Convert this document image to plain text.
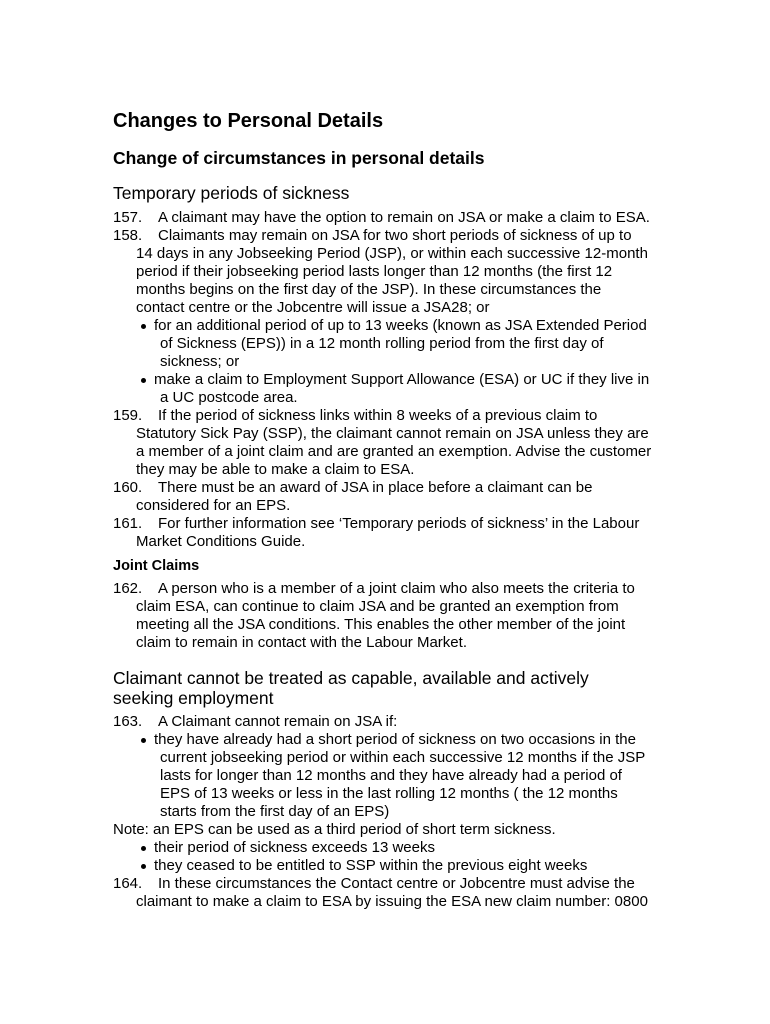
Changes to Personal Details
Change of circumstances in personal details
Temporary periods of sickness
157. A claimant may have the option to remain on JSA or make a claim to ESA.
158. Claimants may remain on JSA for two short periods of sickness of up to
14 days in any Jobseeking Period (JSP), or within each successive 12-month
period if their jobseeking period lasts longer than 12 months (the first 12
months begins on the first day of the JSP). In these circumstances the
contact centre or the Jobcentre will issue a JSA28; or
for an additional period of up to 13 weeks (known as JSA Extended Period
of Sickness (EPS)) in a 12 month rolling period from the first day of
sickness; or
make a claim to Employment Support Allowance (ESA) or UC if they live in
a UC postcode area.
159. If the period of sickness links within 8 weeks of a previous claim to
Statutory Sick Pay (SSP), the claimant cannot remain on JSA unless they are
a member of a joint claim and are granted an exemption. Advise the customer
they may be able to make a claim to ESA.
160. There must be an award of JSA in place before a claimant can be
considered for an EPS.
161. For further information see ‘Temporary periods of sickness’ in the Labour
Market Conditions Guide.
Joint Claims
162. A person who is a member of a joint claim who also meets the criteria to
claim ESA, can continue to claim JSA and be granted an exemption from
meeting all the JSA conditions. This enables the other member of the joint
claim to remain in contact with the Labour Market.
Claimant cannot be treated as capable, available and actively
seeking employment
163. A Claimant cannot remain on JSA if:
they have already had a short period of sickness on two occasions in the
current jobseeking period or within each successive 12 months if the JSP
lasts for longer than 12 months and they have already had a period of
EPS of 13 weeks or less in the last rolling 12 months ( the 12 months
starts from the first day of an EPS)
Note: an EPS can be used as a third period of short term sickness.
their period of sickness exceeds 13 weeks
they ceased to be entitled to SSP within the previous eight weeks
164. In these circumstances the Contact centre or Jobcentre must advise the
claimant to make a claim to ESA by issuing the ESA new claim number: 0800
